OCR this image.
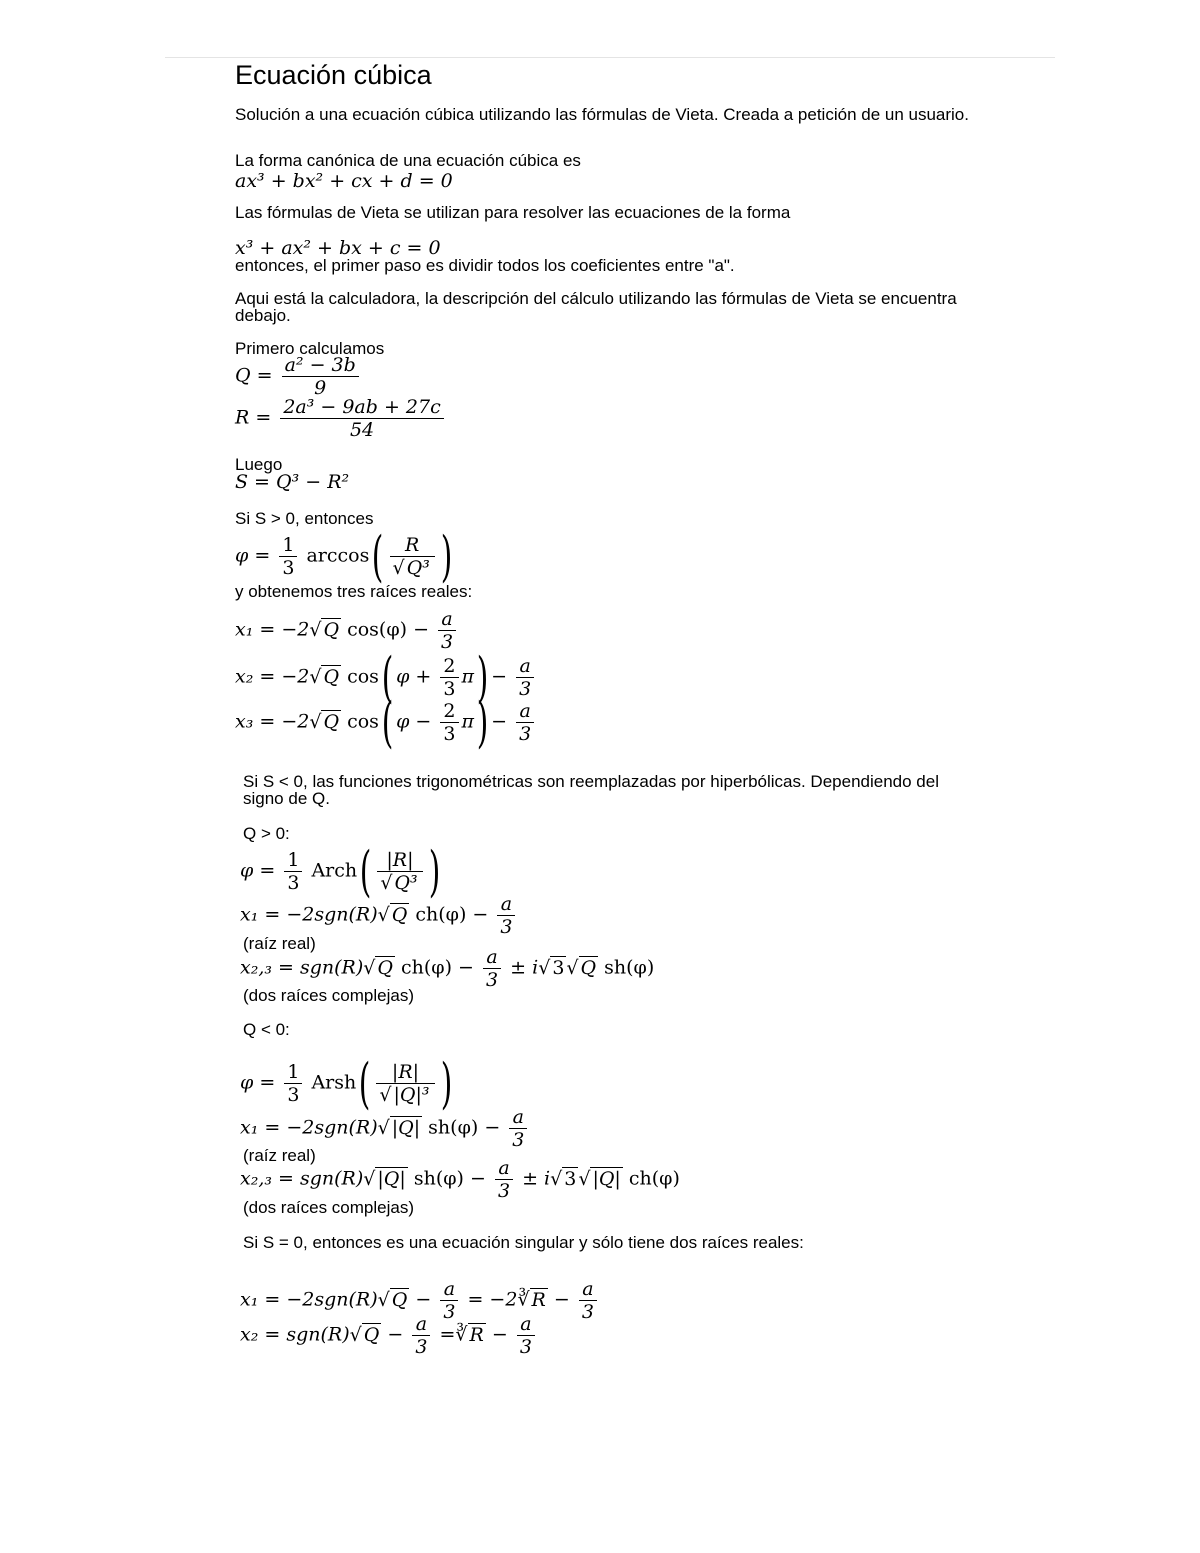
Ecuación cúbica
Solución a una ecuación cúbica utilizando las fórmulas de Vieta. Creada a petición de un usuario.
La forma canónica de una ecuación cúbica es
ax³ + bx² + cx + d = 0
Las fórmulas de Vieta se utilizan para resolver las ecuaciones de la forma
x³ + ax² + bx + c = 0
entonces, el primer paso es dividir todos los coeficientes entre "a".
Aqui está la calculadora, la descripción del cálculo utilizando las fórmulas de Vieta se encuentra debajo.
Primero calculamos
$Q = \frac{\text{a² − 3b}}{9}$
$R = \frac{\text{2a³ − 9ab + 27c}}{54}$
Luego
S = Q³ − R²
Si S > 0, entonces
$\varphi = \frac{1}{3}$ arccos ( $\frac{R}{\text{√ Q³}}$ )
y obtenemos tres raíces reales:
x₁ = −2√ Q $\cos(\varphi) - \frac{a}{3}$
x₂ = −2√ Q cos ( $\varphi + \frac{2}{3}$ π ) − $\frac{a}{3}$
x₃ = −2√ Q cos ( $\varphi - \frac{2}{3}$ π ) − $\frac{a}{3}$
Si S < 0, las funciones trigonométricas son reemplazadas por hiperbólicas. Dependiendo del signo de Q.
Q > 0:
$\varphi = \frac{1}{3}$ Arch ( $\frac{|R|}{\text{√ Q³}}$ )
x₁ = −2sgn(R)√ Q $ch(\varphi) - \frac{a}{3}$
(raíz real)
x₂,₃ = sgn(R)√ Q $ch(\varphi) - \frac{a}{3} \pm i√$ 3 √ Q sh(φ)
(dos raíces complejas)
Q < 0:
$\varphi = \frac{1}{3}$ Arsh ( $\frac{|R|}{\text{√ |Q|³}}$ )
x₁ = −2sgn(R)√ |Q| $sh(\varphi) - \frac{a}{3}$
(raíz real)
x₂,₃ = sgn(R)√ |Q| $sh(\varphi) - \frac{a}{3} \pm i√$ 3 √ |Q| ch(φ)
(dos raíces complejas)
Si S = 0, entonces es una ecuación singular y sólo tiene dos raíces reales:
x₁ = −2sgn(R)√ $Q - \frac{a}{3}$ = −2∛ $R - \frac{a}{3}$
x₂ = sgn(R)√ $Q - \frac{a}{3}$ =∛ $R - \frac{a}{3}$
